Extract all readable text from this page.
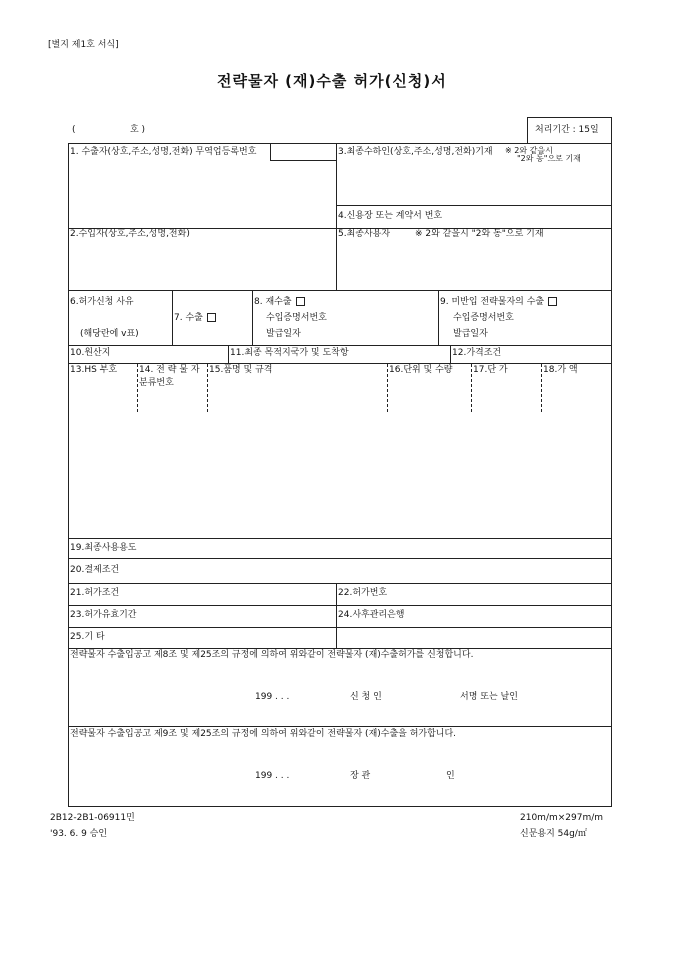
[별지 제1호 서식]
전략물자 (재)수출 허가(신청)서
(	호 )	처리기간 : 15일
1. 수출자(상호,주소,성명,전화) 무역업등록번호	3.최종수하인(상호,주소,성명,전화)기재 ※ 2와 같을시
"2와 동"으로 기재
4.신용장 또는 계약서 번호
2.수입자(상호,주소,성명,전화)	5.최종사용자	※ 2와 같을시 "2와 동"으로 기재
6.허가신청 사유
(해당란에 v표)
7. 수출
8. 재수출
수입증명서번호
발급일자
9. 미반입 전략물자의 수출
수입증명서번호
발급일자
10.원산지	11.최종 목적지국가 및 도착항	12.가격조건
13.HS 부호 14. 전 략 물 자
분류번호
15.품명 및 규격	16.단위 및 수량 17.단 가	18.가 액
19.최종사용용도
20.결제조건
21.허가조건	22.허가번호
23.허가유효기간	24.사후관리은행
25.기 타
전략물자 수출입공고 제8조 및 제25조의 규정에 의하여 위와같이 전략물자 (재)수출허가를 신청합니다.
199 . . .	신 청 인	서명 또는 날인
전략물자 수출입공고 제9조 및 제25조의 규정에 의하여 위와같이 전략물자 (재)수출을 허가합니다.
199 . . .	장 관	인
2B12-2B1-06911민
'93. 6. 9 승인
210m/m×297m/m
신문용지 54g/㎡
